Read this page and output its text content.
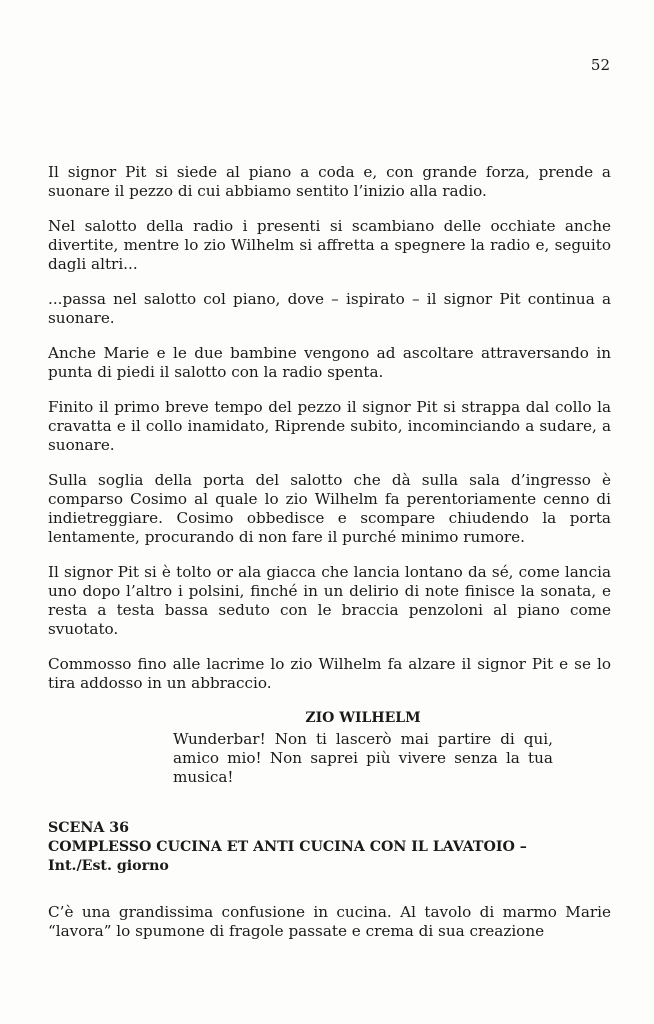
52

Il signor Pit si siede al piano a coda e, con grande forza, prende a suonare il pezzo di cui abbiamo sentito l’inizio alla radio.

Nel salotto della radio i presenti si scambiano delle occhiate anche divertite, mentre lo zio Wilhelm si affretta a spegnere la radio e, seguito dagli altri...

...passa nel salotto col piano, dove – ispirato – il signor Pit continua a suonare.

Anche Marie e le due bambine vengono ad ascoltare attraversando in punta di piedi il salotto con la radio spenta.

Finito il primo breve tempo del pezzo il signor Pit si strappa dal collo la cravatta e il collo inamidato, Riprende subito, incominciando a sudare, a suonare.

Sulla soglia della porta del salotto che dà sulla sala d’ingresso è comparso Cosimo al quale lo zio Wilhelm fa perentoriamente cenno di indietreggiare. Cosimo obbedisce e scompare chiudendo la porta lentamente, procurando di non fare il purché minimo rumore.

Il signor Pit si è tolto or ala giacca che lancia lontano da sé, come lancia uno dopo l’altro i polsini, finché in un delirio di note finisce la sonata, e resta a testa bassa seduto con le braccia penzoloni al piano come svuotato.

Commosso fino alle lacrime lo zio Wilhelm fa alzare il signor Pit e se lo tira addosso in un abbraccio.

ZIO WILHELM

Wunderbar! Non ti lascerò mai partire di qui, amico mio! Non saprei più vivere senza la tua musica!

SCENA 36
COMPLESSO CUCINA ET ANTI CUCINA CON IL LAVATOIO –
Int./Est. giorno

C’è una grandissima confusione in cucina. Al tavolo di marmo Marie “lavora” lo spumone di fragole passate e crema di sua creazione
